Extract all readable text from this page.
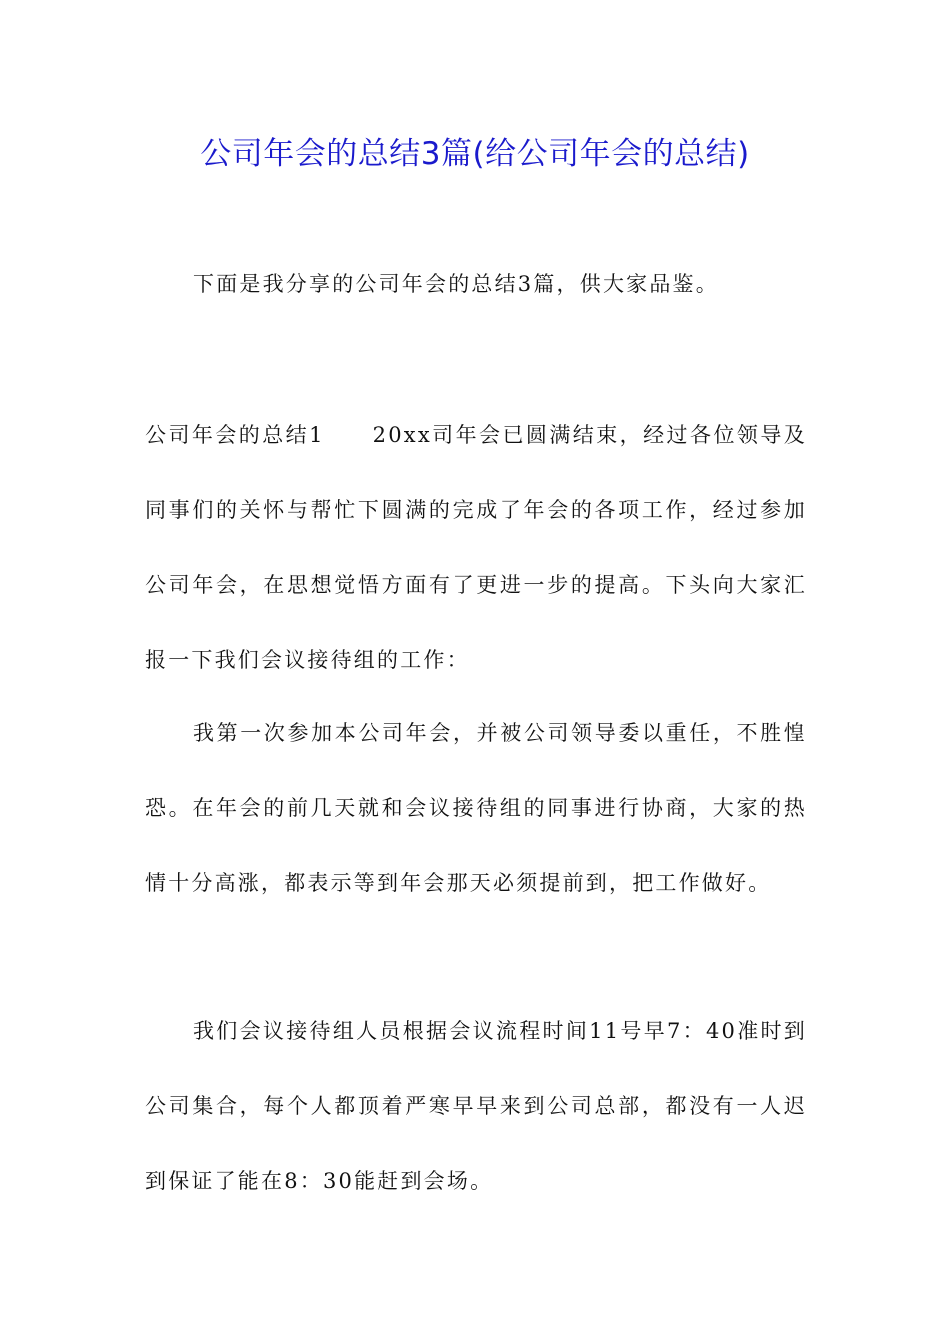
公司年会的总结3篇(给公司年会的总结)

下面是我分享的公司年会的总结3篇，供大家品鉴。

公司年会的总结1 20xx司年会已圆满结束，经过各位领导及同事们的关怀与帮忙下圆满的完成了年会的各项工作，经过参加公司年会，在思想觉悟方面有了更进一步的提高。下头向大家汇报一下我们会议接待组的工作：

我第一次参加本公司年会，并被公司领导委以重任，不胜惶恐。在年会的前几天就和会议接待组的同事进行协商，大家的热情十分高涨，都表示等到年会那天必须提前到，把工作做好。

我们会议接待组人员根据会议流程时间11号早7：40准时到公司集合，每个人都顶着严寒早早来到公司总部，都没有一人迟到保证了能在8：30能赶到会场。
